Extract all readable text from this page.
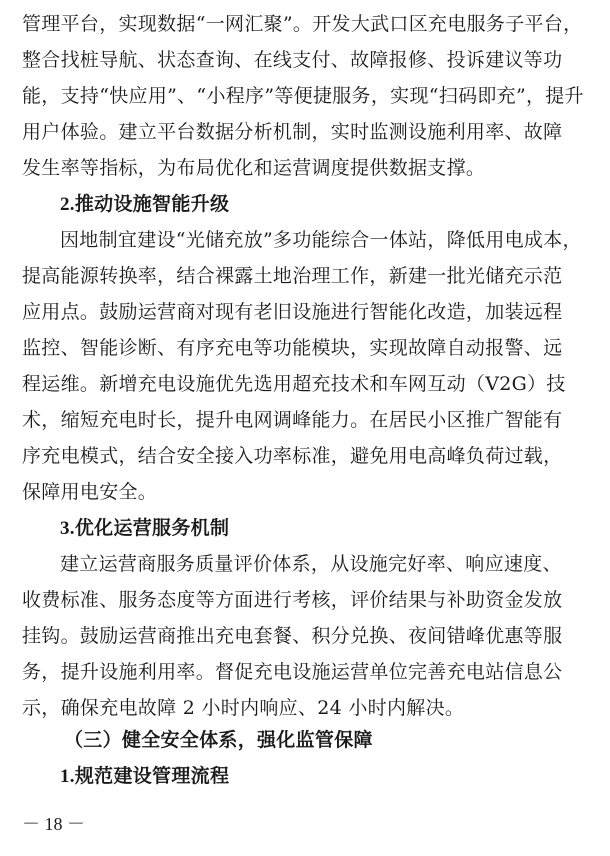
管理平台，实现数据“一网汇聚”。开发大武口区充电服务子平台，
整合找桩导航、状态查询、在线支付、故障报修、投诉建议等功
能，支持“快应用”、“小程序”等便捷服务，实现“扫码即充”，提升
用户体验。建立平台数据分析机制，实时监测设施利用率、故障
发生率等指标，为布局优化和运营调度提供数据支撑。
2.推动设施智能升级
因地制宜建设“光储充放”多功能综合一体站，降低用电成本，
提高能源转换率，结合裸露土地治理工作，新建一批光储充示范
应用点。鼓励运营商对现有老旧设施进行智能化改造，加装远程
监控、智能诊断、有序充电等功能模块，实现故障自动报警、远
程运维。新增充电设施优先选用超充技术和车网互动（V2G）技
术，缩短充电时长，提升电网调峰能力。在居民小区推广智能有
序充电模式，结合安全接入功率标准，避免用电高峰负荷过载，
保障用电安全。
3.优化运营服务机制
建立运营商服务质量评价体系，从设施完好率、响应速度、
收费标准、服务态度等方面进行考核，评价结果与补助资金发放
挂钩。鼓励运营商推出充电套餐、积分兑换、夜间错峰优惠等服
务，提升设施利用率。督促充电设施运营单位完善充电站信息公
示，确保充电故障 2 小时内响应、24 小时内解决。
（三）健全安全体系，强化监管保障
1.规范建设管理流程
－ 18 －
